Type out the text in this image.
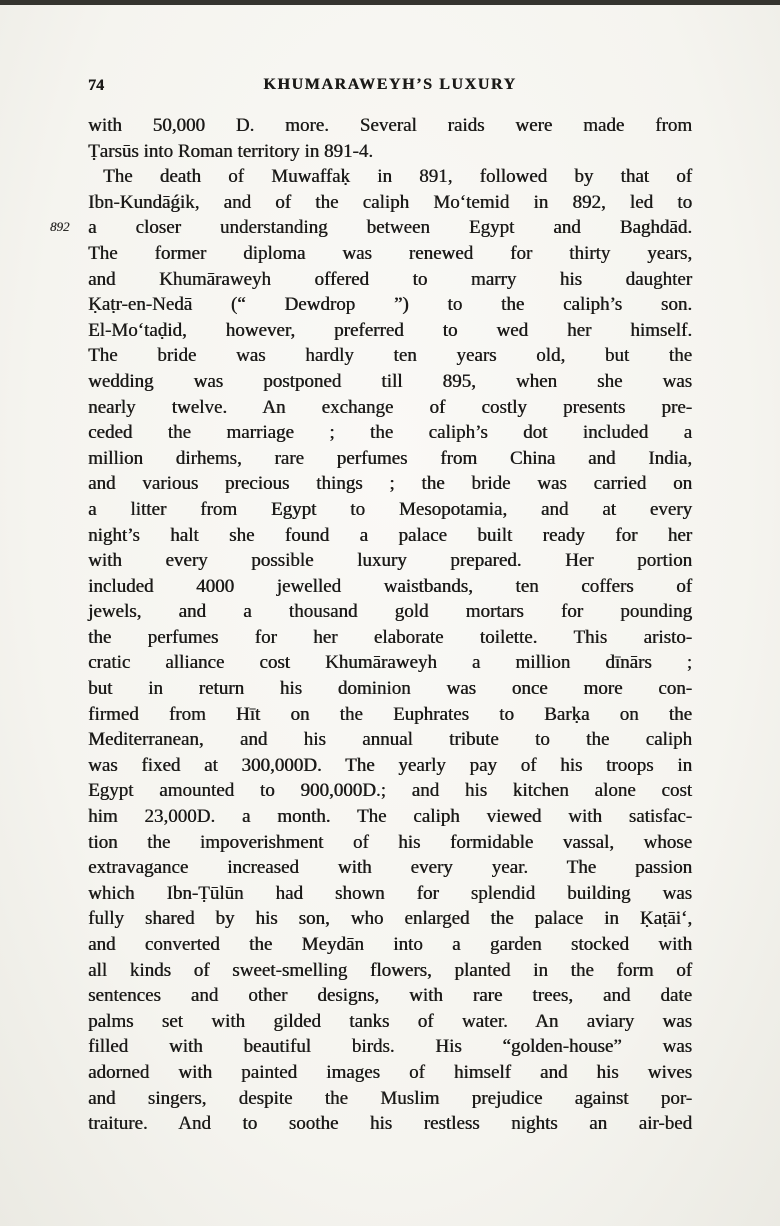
74	KHUMARAWEYH’S LUXURY
892
with 50,000 D. more. Several raids were made from
Ṭarsūs into Roman territory in 891-4.
The death of Muwaffaḳ in 891, followed by that of
Ibn-Kundāǵik, and of the caliph Moʻtemid in 892, led to
a closer understanding between Egypt and Baghdād.
The former diploma was renewed for thirty years,
and Khumāraweyh offered to marry his daughter
Ḳaṭr-en-Nedā (“ Dewdrop ”) to the caliph’s son.
El-Moʻtaḍid, however, preferred to wed her himself.
The bride was hardly ten years old, but the
wedding was postponed till 895, when she was
nearly twelve. An exchange of costly presents pre-
ceded the marriage ; the caliph’s dot included a
million dirhems, rare perfumes from China and India,
and various precious things ; the bride was carried on
a litter from Egypt to Mesopotamia, and at every
night’s halt she found a palace built ready for her
with every possible luxury prepared. Her portion
included 4000 jewelled waistbands, ten coffers of
jewels, and a thousand gold mortars for pounding
the perfumes for her elaborate toilette. This aristo-
cratic alliance cost Khumāraweyh a million dīnārs ;
but in return his dominion was once more con-
firmed from Hīt on the Euphrates to Barḳa on the
Mediterranean, and his annual tribute to the caliph
was fixed at 300,000D. The yearly pay of his troops in
Egypt amounted to 900,000D.; and his kitchen alone cost
him 23,000D. a month. The caliph viewed with satisfac-
tion the impoverishment of his formidable vassal, whose
extravagance increased with every year. The passion
which Ibn-Ṭūlūn had shown for splendid building was
fully shared by his son, who enlarged the palace in Ḳaṭāiʻ,
and converted the Meydān into a garden stocked with
all kinds of sweet-smelling flowers, planted in the form of
sentences and other designs, with rare trees, and date
palms set with gilded tanks of water. An aviary was
filled with beautiful birds. His “golden-house” was
adorned with painted images of himself and his wives
and singers, despite the Muslim prejudice against por-
traiture. And to soothe his restless nights an air-bed
